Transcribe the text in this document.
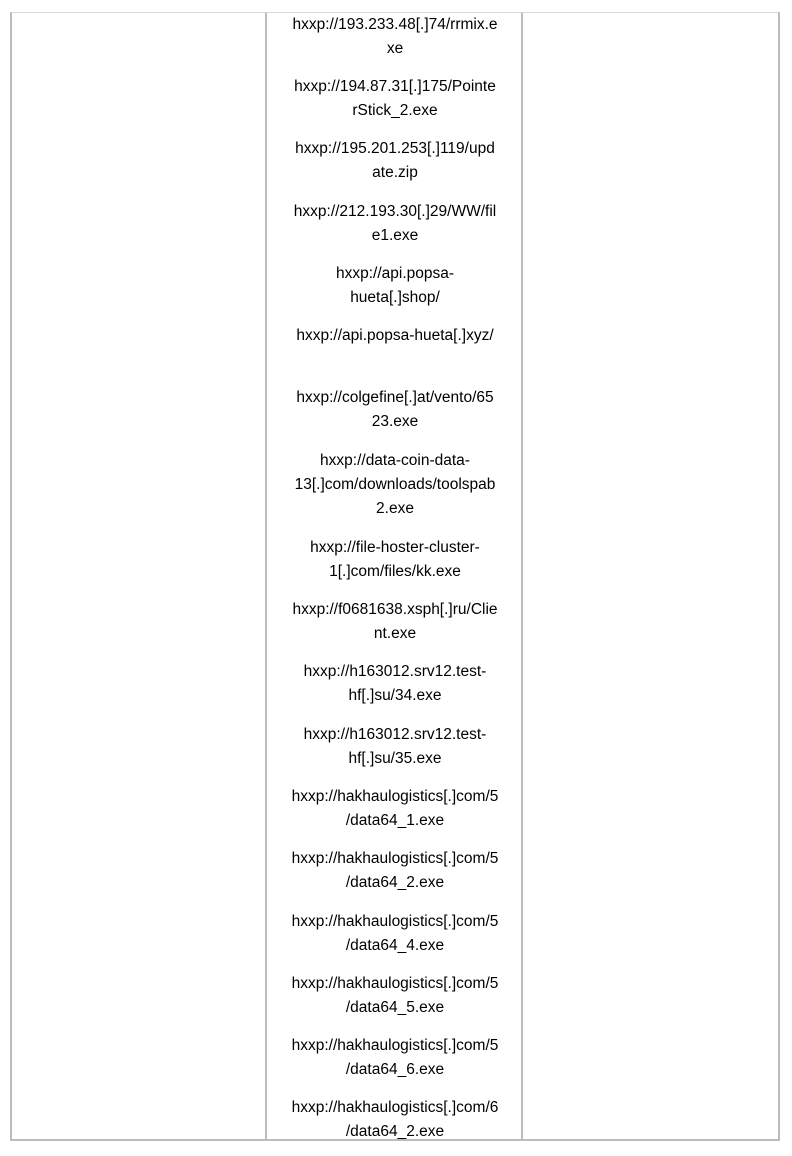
hxxp://193.233.48[.]74/rrmix.e
xe
hxxp://194.87.31[.]175/Pointe
rStick_2.exe
hxxp://195.201.253[.]119/upd
ate.zip
hxxp://212.193.30[.]29/WW/fil
e1.exe
hxxp://api.popsa-
hueta[.]shop/
hxxp://api.popsa-hueta[.]xyz/
hxxp://colgefine[.]at/vento/65
23.exe
hxxp://data-coin-data-
13[.]com/downloads/toolspab
2.exe
hxxp://file-hoster-cluster-
1[.]com/files/kk.exe
hxxp://f0681638.xsph[.]ru/Clie
nt.exe
hxxp://h163012.srv12.test-
hf[.]su/34.exe
hxxp://h163012.srv12.test-
hf[.]su/35.exe
hxxp://hakhaulogistics[.]com/5
/data64_1.exe
hxxp://hakhaulogistics[.]com/5
/data64_2.exe
hxxp://hakhaulogistics[.]com/5
/data64_4.exe
hxxp://hakhaulogistics[.]com/5
/data64_5.exe
hxxp://hakhaulogistics[.]com/5
/data64_6.exe
hxxp://hakhaulogistics[.]com/6
/data64_2.exe
